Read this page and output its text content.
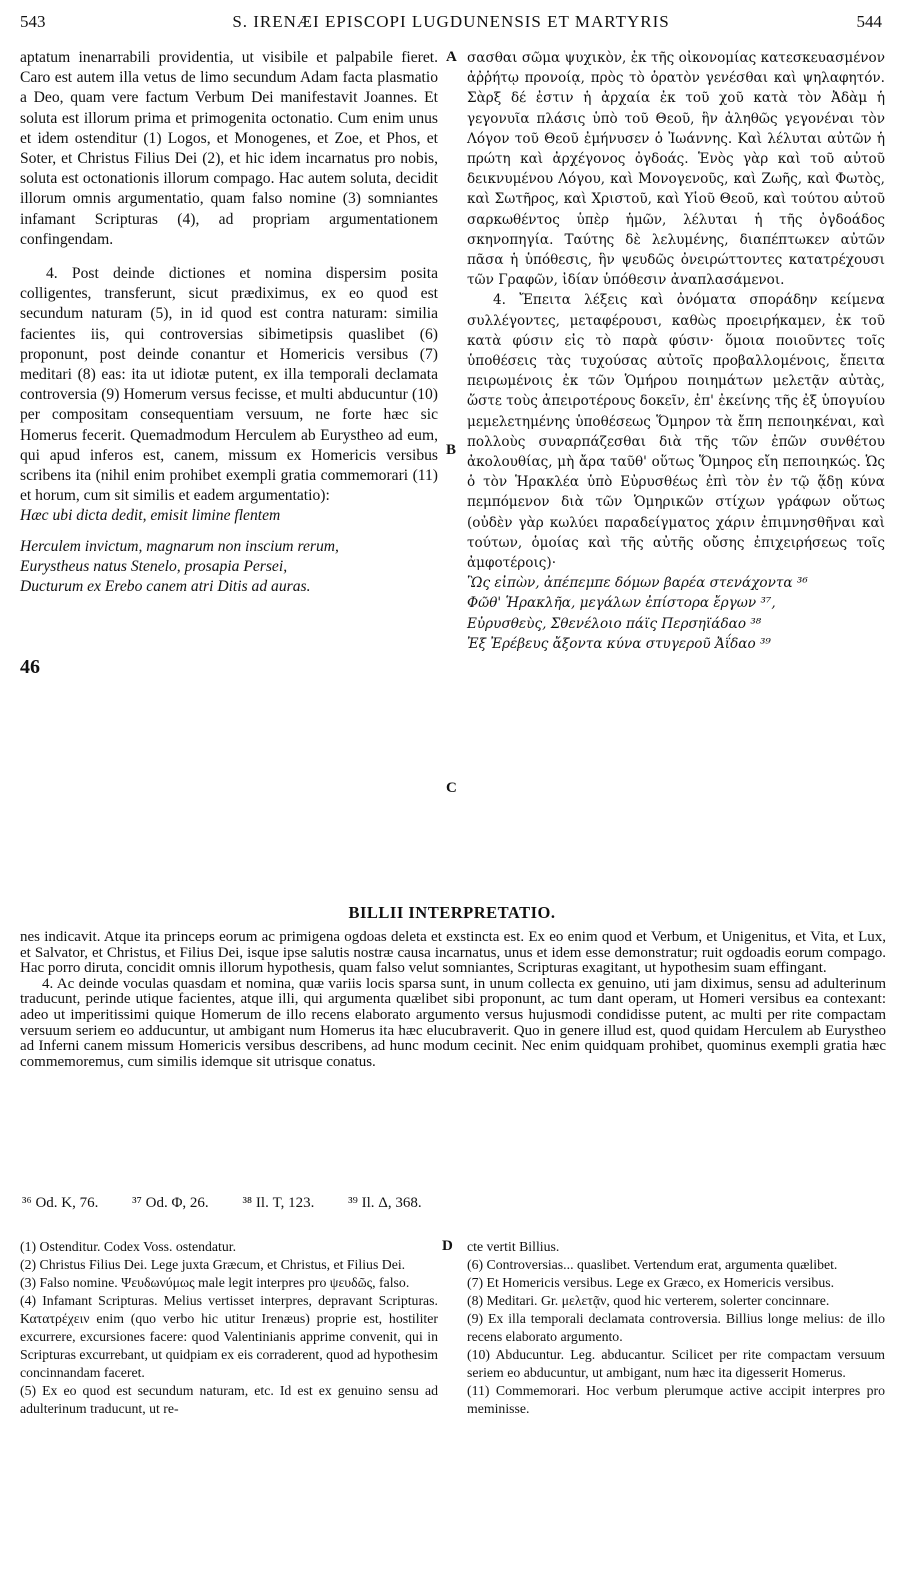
543	S. IRENÆI EPISCOPI LUGDUNENSIS ET MARTYRIS	544
A
B
C
D
46

aptatum inenarrabili providentia, ut visibile et palpabile fieret. Caro est autem illa vetus de limo secundum Adam facta plasmatio a Deo, quam vere factum Verbum Dei manifestavit Joannes. Et soluta est illorum prima et primogenita octonatio. Cum enim unus et idem ostenditur (1) Logos, et Monogenes, et Zoe, et Phos, et Soter, et Christus Filius Dei (2), et hic idem incarnatus pro nobis, soluta est octonationis illorum compago. Hac autem soluta, decidit illorum omnis argumentatio, quam falso nomine (3) somniantes infamant Scripturas (4), ad propriam argumentationem confingendam.

4. Post deinde dictiones et nomina dispersim posita colligentes, transferunt, sicut prædiximus, ex eo quod est secundum naturam (5), in id quod est contra naturam: similia facientes iis, qui controversias sibimetipsis quaslibet (6) proponunt, post deinde conantur et Homericis versibus (7) meditari (8) eas: ita ut idiotæ putent, ex illa temporali declamata controversia (9) Homerum versus fecisse, et multi abducuntur (10) per compositam consequentiam versuum, ne forte hæc sic Homerus fecerit. Quemadmodum Herculem ab Eurystheo ad eum, qui apud inferos est, canem, missum ex Homericis versibus scribens ita (nihil enim prohibet exempli gratia commemorari (11) et horum, cum sit similis et eadem argumentatio):

Hæc ubi dicta dedit, emisit limine flentem

Herculem invictum, magnarum non inscium rerum,

Eurystheus natus Stenelo, prosapia Persei,

Ducturum ex Erebo canem atri Ditis ad auras.

σασθαι σῶμα ψυχικὸν, ἐκ τῆς οἰκονομίας κατεσκευασμένον ἀῤῥήτῳ προνοίᾳ, πρὸς τὸ ὁρατὸν γενέσθαι καὶ ψηλαφητόν. Σὰρξ δέ ἐστιν ἡ ἀρχαία ἐκ τοῦ χοῦ κατὰ τὸν Ἀδὰμ ἡ γεγονυῖα πλάσις ὑπὸ τοῦ Θεοῦ, ἣν ἀληθῶς γεγονέναι τὸν Λόγον τοῦ Θεοῦ ἐμήνυσεν ὁ Ἰωάννης. Καὶ λέλυται αὐτῶν ἡ πρώτη καὶ ἀρχέγονος ὀγδοάς. Ἑνὸς γὰρ καὶ τοῦ αὐτοῦ δεικνυμένου Λόγου, καὶ Μονογενοῦς, καὶ Ζωῆς, καὶ Φωτὸς, καὶ Σωτῆρος, καὶ Χριστοῦ, καὶ Υἱοῦ Θεοῦ, καὶ τούτου αὐτοῦ σαρκωθέντος ὑπὲρ ἡμῶν, λέλυται ἡ τῆς ὀγδοάδος σκηνοπηγία. Ταύτης δὲ λελυμένης, διαπέπτωκεν αὐτῶν πᾶσα ἡ ὑπόθεσις, ἣν ψευδῶς ὀνειρώττοντες κατατρέχουσι τῶν Γραφῶν, ἰδίαν ὑπόθεσιν ἀναπλασάμενοι.

4. Ἔπειτα λέξεις καὶ ὀνόματα σποράδην κείμενα συλλέγοντες, μεταφέρουσι, καθὼς προειρήκαμεν, ἐκ τοῦ κατὰ φύσιν εἰς τὸ παρὰ φύσιν· ὅμοια ποιοῦντες τοῖς ὑποθέσεις τὰς τυχούσας αὐτοῖς προβαλλομένοις, ἔπειτα πειρωμένοις ἐκ τῶν Ὁμήρου ποιημάτων μελετᾷν αὐτὰς, ὥστε τοὺς ἀπειροτέρους δοκεῖν, ἐπ' ἐκείνης τῆς ἐξ ὑπογυίου μεμελετημένης ὑποθέσεως Ὅμηρον τὰ ἔπη πεποιηκέναι, καὶ πολλοὺς συναρπάζεσθαι διὰ τῆς τῶν ἐπῶν συνθέτου ἀκολουθίας, μὴ ἄρα ταῦθ' οὕτως Ὅμηρος εἴη πεποιηκώς. Ὡς ὁ τὸν Ἡρακλέα ὑπὸ Εὐρυσθέως ἐπὶ τὸν ἐν τῷ ᾅδῃ κύνα πεμπόμενον διὰ τῶν Ὁμηρικῶν στίχων γράφων οὕτως (οὐδὲν γὰρ κωλύει παραδείγματος χάριν ἐπιμνησθῆναι καὶ τούτων, ὁμοίας καὶ τῆς αὐτῆς οὔσης ἐπιχειρήσεως τοῖς ἀμφοτέροις)·

Ὣς εἰπὼν, ἀπέπεμπε δόμων βαρέα στενάχοντα ³⁶

Φῶθ' Ἡρακλῆα, μεγάλων ἐπίστορα ἔργων ³⁷,

Εὐρυσθεὺς, Σθενέλοιο πάϊς Περσηϊάδαο ³⁸

Ἐξ Ἐρέβευς ἄξοντα κύνα στυγεροῦ Ἀΐδαο ³⁹

BILLII INTERPRETATIO.

nes indicavit. Atque ita princeps eorum ac primigena ogdoas deleta et exstincta est. Ex eo enim quod et Verbum, et Unigenitus, et Vita, et Lux, et Salvator, et Christus, et Filius Dei, isque ipse salutis nostræ causa incarnatus, unus et idem esse demonstratur; ruit ogdoadis eorum compago. Hac porro diruta, concidit omnis illorum hypothesis, quam falso velut somniantes, Scripturas exagitant, ut hypothesim suam effingant.

4. Ac deinde voculas quasdam et nomina, quæ variis locis sparsa sunt, in unum collecta ex genuino, uti jam diximus, sensu ad adulterinum traducunt, perinde utique facientes, atque illi, qui argumenta quælibet sibi proponunt, ac tum dant operam, ut Homeri versibus ea contexant: adeo ut imperitissimi quique Homerum de illo recens elaborato argumento versus hujusmodi condidisse putent, ac multi per rite compactam versuum seriem eo adducuntur, ut ambigant num Homerus ita hæc elucubraverit. Quo in genere illud est, quod quidam Herculem ab Eurystheo ad Inferni canem missum Homericis versibus describens, ad hunc modum cecinit. Nec enim quidquam prohibet, quominus exempli gratia hæc commemoremus, cum similis idemque sit utrisque conatus.

³⁶ Od. Κ, 76. ³⁷ Od. Φ, 26. ³⁸ Il. Τ, 123. ³⁹ Il. Δ, 368.

(1) Ostenditur. Codex Voss. ostendatur.

(2) Christus Filius Dei. Lege juxta Græcum, et Christus, et Filius Dei.

(3) Falso nomine. Ψευδωνύμως male legit interpres pro ψευδῶς, falso.

(4) Infamant Scripturas. Melius vertisset interpres, depravant Scripturas. Κατατρέχειν enim (quo verbo hic utitur Irenæus) proprie est, hostiliter excurrere, excursiones facere: quod Valentinianis apprime convenit, qui in Scripturas excurrebant, ut quidpiam ex eis corraderent, quod ad hypothesim concinnandam faceret.

(5) Ex eo quod est secundum naturam, etc. Id est ex genuino sensu ad adulterinum traducunt, ut re-

cte vertit Billius.

(6) Controversias... quaslibet. Vertendum erat, argumenta quælibet.

(7) Et Homericis versibus. Lege ex Græco, ex Homericis versibus.

(8) Meditari. Gr. μελετᾷν, quod hic verterem, solerter concinnare.

(9) Ex illa temporali declamata controversia. Billius longe melius: de illo recens elaborato argumento.

(10) Abducuntur. Leg. abducantur. Scilicet per rite compactam versuum seriem eo abducuntur, ut ambigant, num hæc ita digesserit Homerus.

(11) Commemorari. Hoc verbum plerumque active accipit interpres pro meminisse.
